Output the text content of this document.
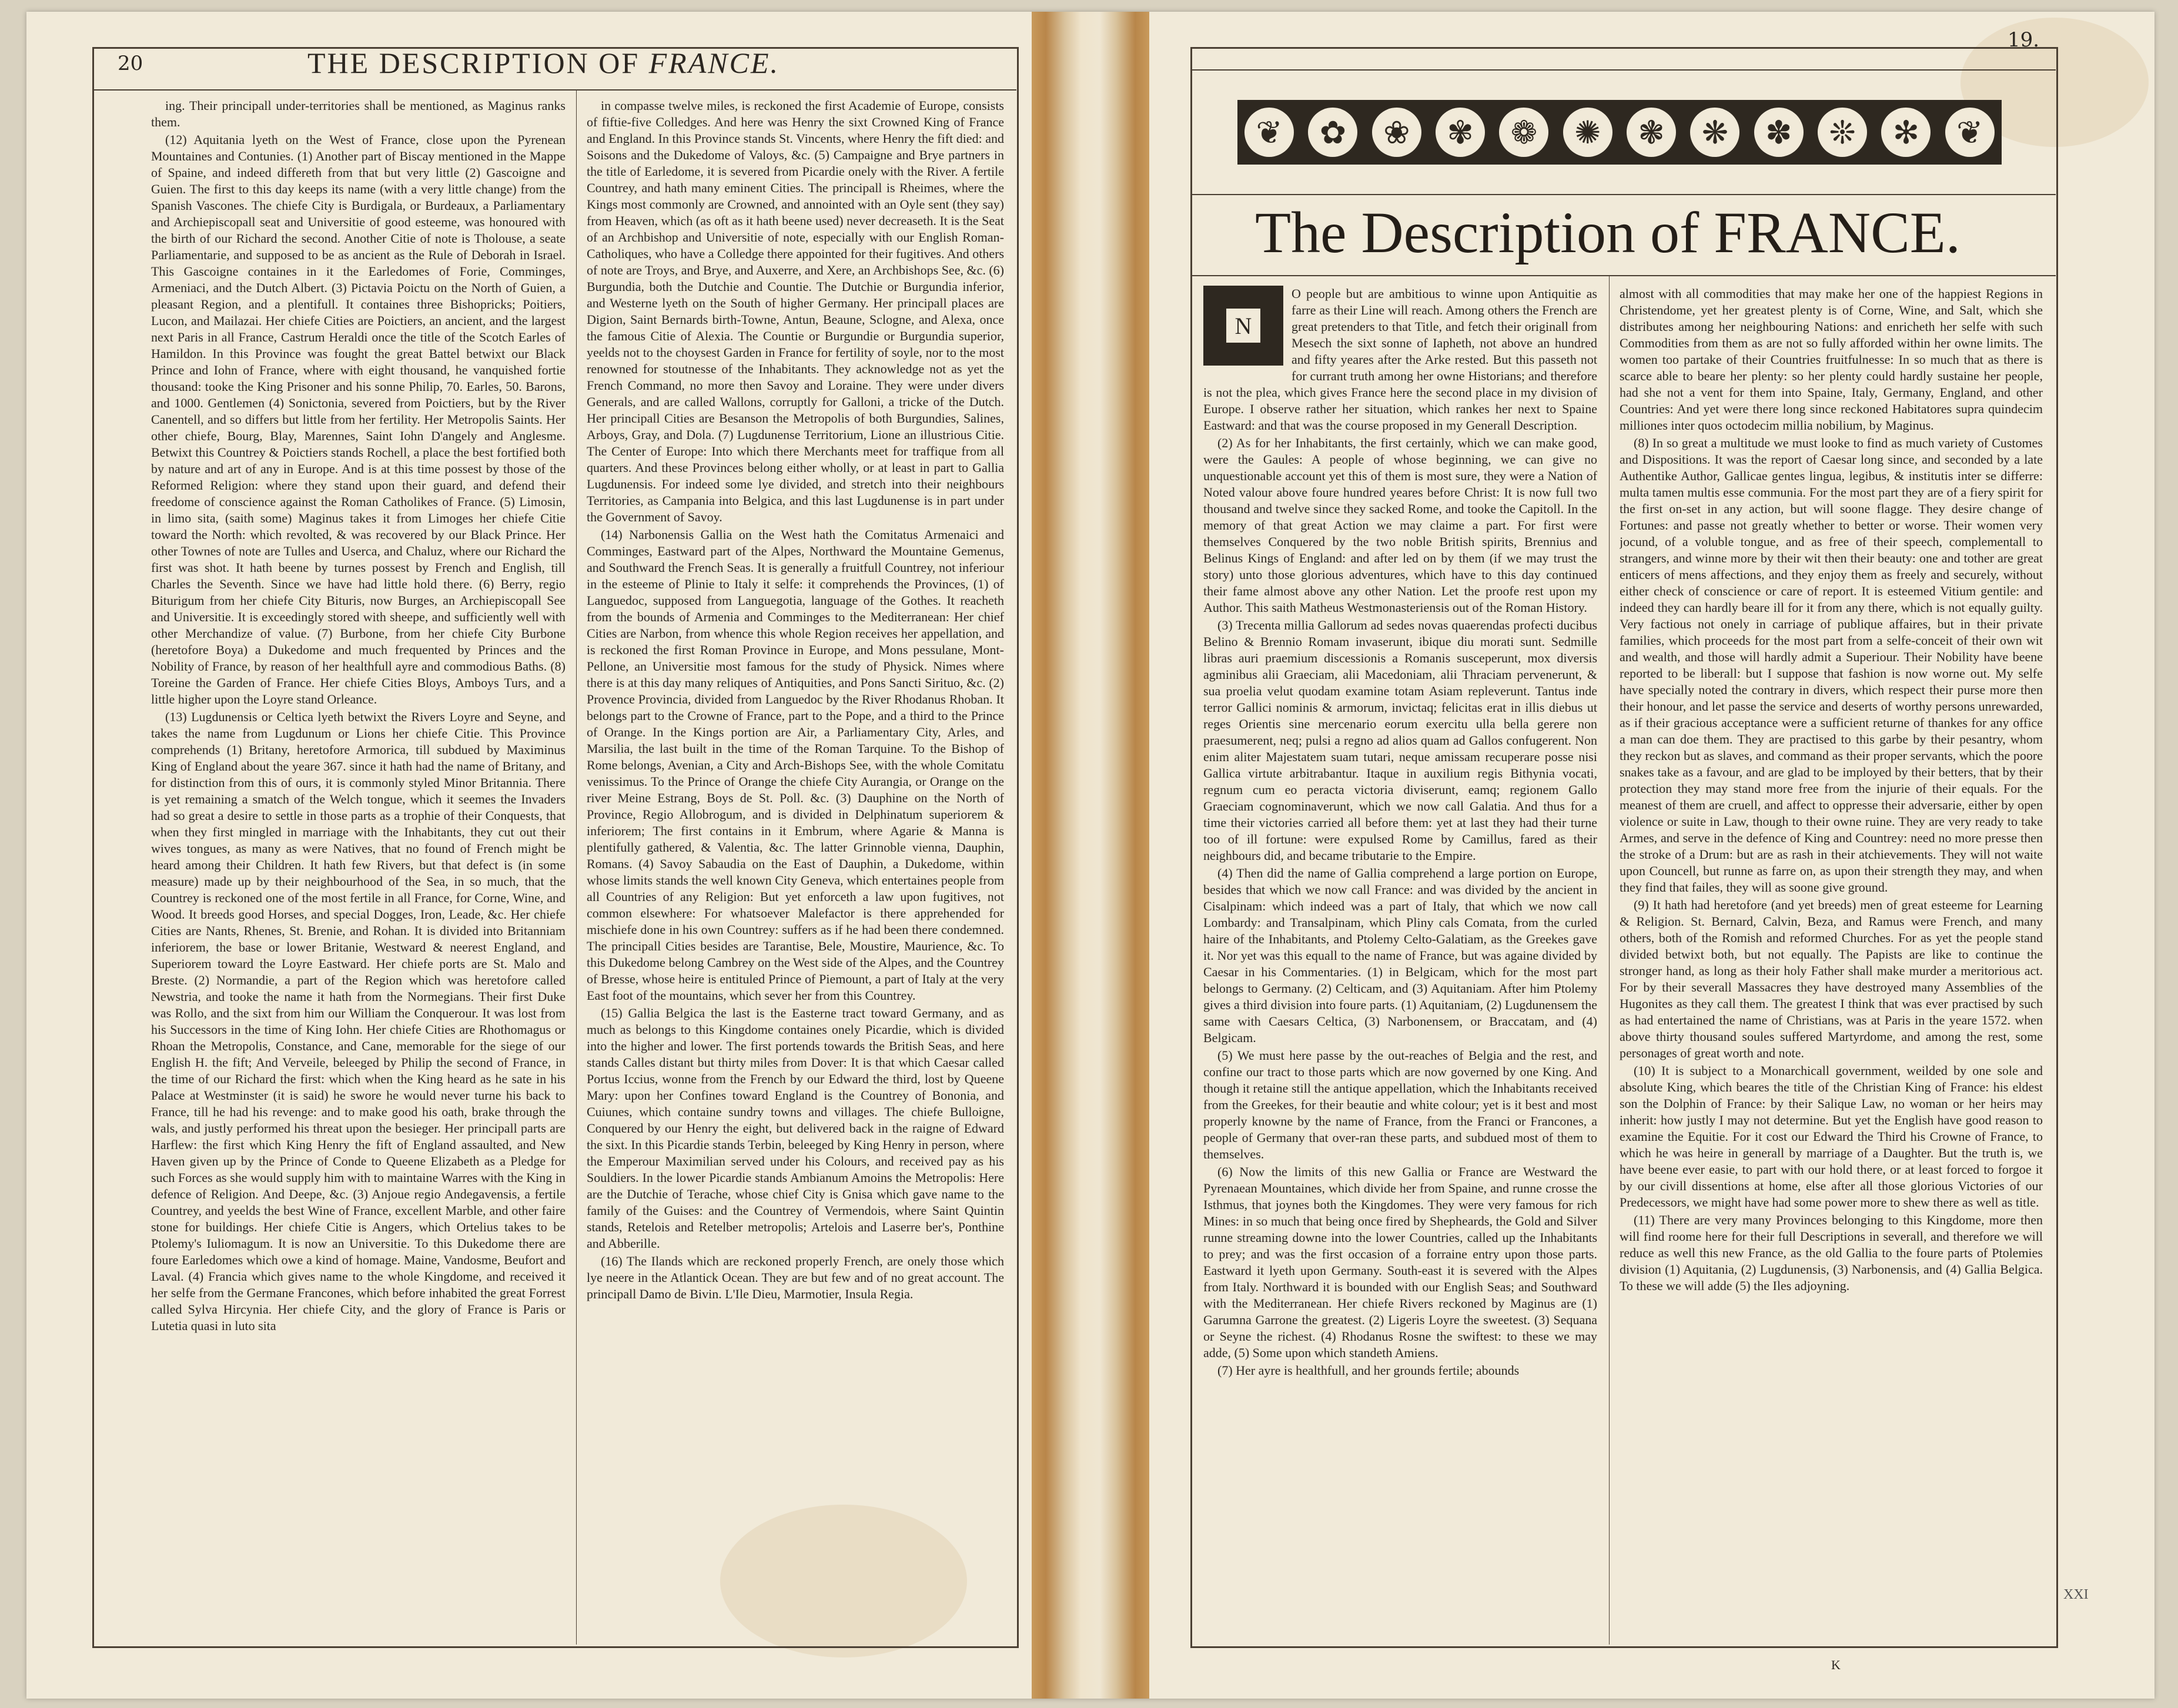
20	THE DESCRIPTION OF FRANCE.

ing. Their principall under-territories shall be mentioned, as Maginus ranks them.

(12) Aquitania lyeth on the West of France, close upon the Pyrenean Mountaines and Contunies. (1) Another part of Biscay mentioned in the Mappe of Spaine, and indeed differeth from that but very little (2) Gascoigne and Guien. The first to this day keeps its name (with a very little change) from the Spanish Vascones. The chiefe City is Burdigala, or Burdeaux, a Parliamentary and Archiepiscopall seat and Universitie of good esteeme, was honoured with the birth of our Richard the second. Another Citie of note is Tholouse, a seate Parliamentarie, and supposed to be as ancient as the Rule of Deborah in Israel. This Gascoigne containes in it the Earledomes of Forie, Comminges, Armeniaci, and the Dutch Albert. (3) Pictavia Poictu on the North of Guien, a pleasant Region, and a plentifull. It containes three Bishopricks; Poitiers, Lucon, and Mailazai. Her chiefe Cities are Poictiers, an ancient, and the largest next Paris in all France, Castrum Heraldi once the title of the Scotch Earles of Hamildon. In this Province was fought the great Battel betwixt our Black Prince and Iohn of France, where with eight thousand, he vanquished fortie thousand: tooke the King Prisoner and his sonne Philip, 70. Earles, 50. Barons, and 1000. Gentlemen (4) Sonictonia, severed from Poictiers, but by the River Canentell, and so differs but little from her fertility. Her Metropolis Saints. Her other chiefe, Bourg, Blay, Marennes, Saint Iohn D'angely and Anglesme. Betwixt this Countrey & Poictiers stands Rochell, a place the best fortified both by nature and art of any in Europe. And is at this time possest by those of the Reformed Religion: where they stand upon their guard, and defend their freedome of conscience against the Roman Catholikes of France. (5) Limosin, in limo sita, (saith some) Maginus takes it from Limoges her chiefe Citie toward the North: which revolted, & was recovered by our Black Prince. Her other Townes of note are Tulles and Userca, and Chaluz, where our Richard the first was shot. It hath beene by turnes possest by French and English, till Charles the Seventh. Since we have had little hold there. (6) Berry, regio Biturigum from her chiefe City Bituris, now Burges, an Archiepiscopall See and Universitie. It is exceedingly stored with sheepe, and sufficiently well with other Merchandize of value. (7) Burbone, from her chiefe City Burbone (heretofore Boya) a Dukedome and much frequented by Princes and the Nobility of France, by reason of her healthfull ayre and commodious Baths. (8) Toreine the Garden of France. Her chiefe Cities Bloys, Amboys Turs, and a little higher upon the Loyre stand Orleance.

(13) Lugdunensis or Celtica lyeth betwixt the Rivers Loyre and Seyne, and takes the name from Lugdunum or Lions her chiefe Citie. This Province comprehends (1) Britany, heretofore Armorica, till subdued by Maximinus King of England about the yeare 367. since it hath had the name of Britany, and for distinction from this of ours, it is commonly styled Minor Britannia. There is yet remaining a smatch of the Welch tongue, which it seemes the Invaders had so great a desire to settle in those parts as a trophie of their Conquests, that when they first mingled in marriage with the Inhabitants, they cut out their wives tongues, as many as were Natives, that no found of French might be heard among their Children. It hath few Rivers, but that defect is (in some measure) made up by their neighbourhood of the Sea, in so much, that the Countrey is reckoned one of the most fertile in all France, for Corne, Wine, and Wood. It breeds good Horses, and special Dogges, Iron, Leade, &c. Her chiefe Cities are Nants, Rhenes, St. Brenie, and Rohan. It is divided into Britanniam inferiorem, the base or lower Britanie, Westward & neerest England, and Superiorem toward the Loyre Eastward. Her chiefe ports are St. Malo and Breste. (2) Normandie, a part of the Region which was heretofore called Newstria, and tooke the name it hath from the Normegians. Their first Duke was Rollo, and the sixt from him our William the Conquerour. It was lost from his Successors in the time of King Iohn. Her chiefe Cities are Rhothomagus or Rhoan the Metropolis, Constance, and Cane, memorable for the siege of our English H. the fift; And Verveile, beleeged by Philip the second of France, in the time of our Richard the first: which when the King heard as he sate in his Palace at Westminster (it is said) he swore he would never turne his back to France, till he had his revenge: and to make good his oath, brake through the wals, and justly performed his threat upon the besieger. Her principall parts are Harflew: the first which King Henry the fift of England assaulted, and New Haven given up by the Prince of Conde to Queene Elizabeth as a Pledge for such Forces as she would supply him with to maintaine Warres with the King in defence of Religion. And Deepe, &c. (3) Anjoue regio Andegavensis, a fertile Countrey, and yeelds the best Wine of France, excellent Marble, and other faire stone for buildings. Her chiefe Citie is Angers, which Ortelius takes to be Ptolemy's Iuliomagum. It is now an Universitie. To this Dukedome there are foure Earledomes which owe a kind of homage. Maine, Vandosme, Beufort and Laval. (4) Francia which gives name to the whole Kingdome, and received it her selfe from the Germane Francones, which before inhabited the great Forrest called Sylva Hircynia. Her chiefe City, and the glory of France is Paris or Lutetia quasi in luto sita

in compasse twelve miles, is reckoned the first Academie of Europe, consists of fiftie-five Colledges. And here was Henry the sixt Crowned King of France and England. In this Province stands St. Vincents, where Henry the fift died: and Soisons and the Dukedome of Valoys, &c. (5) Campaigne and Brye partners in the title of Earledome, it is severed from Picardie onely with the River. A fertile Countrey, and hath many eminent Cities. The principall is Rheimes, where the Kings most commonly are Crowned, and annointed with an Oyle sent (they say) from Heaven, which (as oft as it hath beene used) never decreaseth. It is the Seat of an Archbishop and Universitie of note, especially with our English Roman-Catholiques, who have a Colledge there appointed for their fugitives. And others of note are Troys, and Brye, and Auxerre, and Xere, an Archbishops See, &c. (6) Burgundia, both the Dutchie and Countie. The Dutchie or Burgundia inferior, and Westerne lyeth on the South of higher Germany. Her principall places are Digion, Saint Bernards birth-Towne, Antun, Beaune, Sclogne, and Alexa, once the famous Citie of Alexia. The Countie or Burgundie or Burgundia superior, yeelds not to the choysest Garden in France for fertility of soyle, nor to the most renowned for stoutnesse of the Inhabitants. They acknowledge not as yet the French Command, no more then Savoy and Loraine. They were under divers Generals, and are called Wallons, corruptly for Galloni, a tricke of the Dutch. Her principall Cities are Besanson the Metropolis of both Burgundies, Salines, Arboys, Gray, and Dola. (7) Lugdunense Territorium, Lione an illustrious Citie. The Center of Europe: Into which there Merchants meet for traffique from all quarters. And these Provinces belong either wholly, or at least in part to Gallia Lugdunensis. For indeed some lye divided, and stretch into their neighbours Territories, as Campania into Belgica, and this last Lugdunense is in part under the Government of Savoy.

(14) Narbonensis Gallia on the West hath the Comitatus Armenaici and Comminges, Eastward part of the Alpes, Northward the Mountaine Gemenus, and Southward the French Seas. It is generally a fruitfull Countrey, not inferiour in the esteeme of Plinie to Italy it selfe: it comprehends the Provinces, (1) of Languedoc, supposed from Languegotia, language of the Gothes. It reacheth from the bounds of Armenia and Comminges to the Mediterranean: Her chief Cities are Narbon, from whence this whole Region receives her appellation, and is reckoned the first Roman Province in Europe, and Mons pessulane, Mont-Pellone, an Universitie most famous for the study of Physick. Nimes where there is at this day many reliques of Antiquities, and Pons Sancti Sirituo, &c. (2) Provence Provincia, divided from Languedoc by the River Rhodanus Rhoban. It belongs part to the Crowne of France, part to the Pope, and a third to the Prince of Orange. In the Kings portion are Air, a Parliamentary City, Arles, and Marsilia, the last built in the time of the Roman Tarquine. To the Bishop of Rome belongs, Avenian, a City and Arch-Bishops See, with the whole Comitatu venissimus. To the Prince of Orange the chiefe City Aurangia, or Orange on the river Meine Estrang, Boys de St. Poll. &c. (3) Dauphine on the North of Province, Regio Allobrogum, and is divided in Delphinatum superiorem & inferiorem; The first contains in it Embrum, where Agarie & Manna is plentifully gathered, & Valentia, &c. The latter Grinnoble vienna, Dauphin, Romans. (4) Savoy Sabaudia on the East of Dauphin, a Dukedome, within whose limits stands the well known City Geneva, which entertaines people from all Countries of any Religion: But yet enforceth a law upon fugitives, not common elsewhere: For whatsoever Malefactor is there apprehended for mischiefe done in his own Countrey: suffers as if he had been there condemned. The principall Cities besides are Tarantise, Bele, Moustire, Maurience, &c. To this Dukedome belong Cambrey on the West side of the Alpes, and the Countrey of Bresse, whose heire is entituled Prince of Piemount, a part of Italy at the very East foot of the mountains, which sever her from this Countrey.

(15) Gallia Belgica the last is the Easterne tract toward Germany, and as much as belongs to this Kingdome containes onely Picardie, which is divided into the higher and lower. The first portends towards the British Seas, and here stands Calles distant but thirty miles from Dover: It is that which Caesar called Portus Iccius, wonne from the French by our Edward the third, lost by Queene Mary: upon her Confines toward England is the Countrey of Bononia, and Cuiunes, which containe sundry towns and villages. The chiefe Bulloigne, Conquered by our Henry the eight, but delivered back in the raigne of Edward the sixt. In this Picardie stands Terbin, beleeged by King Henry in person, where the Emperour Maximilian served under his Colours, and received pay as his Souldiers. In the lower Picardie stands Ambianum Amoins the Metropolis: Here are the Dutchie of Terache, whose chief City is Gnisa which gave name to the family of the Guises: and the Countrey of Vermendois, where Saint Quintin stands, Retelois and Retelber metropolis; Artelois and Laserre ber's, Ponthine and Abberille.

(16) The Ilands which are reckoned properly French, are onely those which lye neere in the Atlantick Ocean. They are but few and of no great account. The principall Damo de Bivin. L'Ile Dieu, Marmotier, Insula Regia.

19.
❦	✿	❀	✾	❁	✺	❃	❋	✽	❊	✻	❦
The Description of FRANCE.
N

O people but are ambitious to winne upon Antiquitie as farre as their Line will reach. Among others the French are great pretenders to that Title, and fetch their originall from Mesech the sixt sonne of Iapheth, not above an hundred and fifty yeares after the Arke rested. But this passeth not for currant truth among her owne Historians; and therefore is not the plea, which gives France here the second place in my division of Europe. I observe rather her situation, which rankes her next to Spaine Eastward: and that was the course proposed in my Generall Description.

(2) As for her Inhabitants, the first certainly, which we can make good, were the Gaules: A people of whose beginning, we can give no unquestionable account yet this of them is most sure, they were a Nation of Noted valour above foure hundred yeares before Christ: It is now full two thousand and twelve since they sacked Rome, and tooke the Capitoll. In the memory of that great Action we may claime a part. For first were themselves Conquered by the two noble British spirits, Brennius and Belinus Kings of England: and after led on by them (if we may trust the story) unto those glorious adventures, which have to this day continued their fame almost above any other Nation. Let the proofe rest upon my Author. This saith Matheus Westmonasteriensis out of the Roman History.

(3) Trecenta millia Gallorum ad sedes novas quaerendas profecti ducibus Belino & Brennio Romam invaserunt, ibique diu morati sunt. Sedmille libras auri praemium discessionis a Romanis susceperunt, mox diversis agminibus alii Graeciam, alii Macedoniam, alii Thraciam pervenerunt, & sua proelia velut quodam examine totam Asiam repleverunt. Tantus inde terror Gallici nominis & armorum, invictaq; felicitas erat in illis diebus ut reges Orientis sine mercenario eorum exercitu ulla bella gerere non praesumerent, neq; pulsi a regno ad alios quam ad Gallos confugerent. Non enim aliter Majestatem suam tutari, neque amissam recuperare posse nisi Gallica virtute arbitrabantur. Itaque in auxilium regis Bithynia vocati, regnum cum eo peracta victoria diviserunt, eamq; regionem Gallo Graeciam cognominaverunt, which we now call Galatia. And thus for a time their victories carried all before them: yet at last they had their turne too of ill fortune: were expulsed Rome by Camillus, fared as their neighbours did, and became tributarie to the Empire.

(4) Then did the name of Gallia comprehend a large portion on Europe, besides that which we now call France: and was divided by the ancient in Cisalpinam: which indeed was a part of Italy, that which we now call Lombardy: and Transalpinam, which Pliny cals Comata, from the curled haire of the Inhabitants, and Ptolemy Celto-Galatiam, as the Greekes gave it. Nor yet was this equall to the name of France, but was againe divided by Caesar in his Commentaries. (1) in Belgicam, which for the most part belongs to Germany. (2) Celticam, and (3) Aquitaniam. After him Ptolemy gives a third division into foure parts. (1) Aquitaniam, (2) Lugdunensem the same with Caesars Celtica, (3) Narbonensem, or Braccatam, and (4) Belgicam.

(5) We must here passe by the out-reaches of Belgia and the rest, and confine our tract to those parts which are now governed by one King. And though it retaine still the antique appellation, which the Inhabitants received from the Greekes, for their beautie and white colour; yet is it best and most properly knowne by the name of France, from the Franci or Francones, a people of Germany that over-ran these parts, and subdued most of them to themselves.

(6) Now the limits of this new Gallia or France are Westward the Pyrenaean Mountaines, which divide her from Spaine, and runne crosse the Isthmus, that joynes both the Kingdomes. They were very famous for rich Mines: in so much that being once fired by Shepheards, the Gold and Silver runne streaming downe into the lower Countries, called up the Inhabitants to prey; and was the first occasion of a forraine entry upon those parts. Eastward it lyeth upon Germany. South-east it is severed with the Alpes from Italy. Northward it is bounded with our English Seas; and Southward with the Mediterranean. Her chiefe Rivers reckoned by Maginus are (1) Garumna Garrone the greatest. (2) Ligeris Loyre the sweetest. (3) Sequana or Seyne the richest. (4) Rhodanus Rosne the swiftest: to these we may adde, (5) Some upon which standeth Amiens.

(7) Her ayre is healthfull, and her grounds fertile; abounds

almost with all commodities that may make her one of the happiest Regions in Christendome, yet her greatest plenty is of Corne, Wine, and Salt, which she distributes among her neighbouring Nations: and enricheth her selfe with such Commodities from them as are not so fully afforded within her owne limits. The women too partake of their Countries fruitfulnesse: In so much that as there is scarce able to beare her plenty: so her plenty could hardly sustaine her people, had she not a vent for them into Spaine, Italy, Germany, England, and other Countries: And yet were there long since reckoned Habitatores supra quindecim milliones inter quos octodecim millia nobilium, by Maginus.

(8) In so great a multitude we must looke to find as much variety of Customes and Dispositions. It was the report of Caesar long since, and seconded by a late Authentike Author, Gallicae gentes lingua, legibus, & institutis inter se differre: multa tamen multis esse communia. For the most part they are of a fiery spirit for the first on-set in any action, but will soone flagge. They desire change of Fortunes: and passe not greatly whether to better or worse. Their women very jocund, of a voluble tongue, and as free of their speech, complementall to strangers, and winne more by their wit then their beauty: one and tother are great enticers of mens affections, and they enjoy them as freely and securely, without either check of conscience or care of report. It is esteemed Vitium gentile: and indeed they can hardly beare ill for it from any there, which is not equally guilty. Very factious not onely in carriage of publique affaires, but in their private families, which proceeds for the most part from a selfe-conceit of their own wit and wealth, and those will hardly admit a Superiour. Their Nobility have beene reported to be liberall: but I suppose that fashion is now worne out. My selfe have specially noted the contrary in divers, which respect their purse more then their honour, and let passe the service and deserts of worthy persons unrewarded, as if their gracious acceptance were a sufficient returne of thankes for any office a man can doe them. They are practised to this garbe by their pesantry, whom they reckon but as slaves, and command as their proper servants, which the poore snakes take as a favour, and are glad to be imployed by their betters, that by their protection they may stand more free from the injurie of their equals. For the meanest of them are cruell, and affect to oppresse their adversarie, either by open violence or suite in Law, though to their owne ruine. They are very ready to take Armes, and serve in the defence of King and Countrey: need no more presse then the stroke of a Drum: but are as rash in their atchievements. They will not waite upon Councell, but runne as farre on, as upon their strength they may, and when they find that failes, they will as soone give ground.

(9) It hath had heretofore (and yet breeds) men of great esteeme for Learning & Religion. St. Bernard, Calvin, Beza, and Ramus were French, and many others, both of the Romish and reformed Churches. For as yet the people stand divided betwixt both, but not equally. The Papists are like to continue the stronger hand, as long as their holy Father shall make murder a meritorious act. For by their severall Massacres they have destroyed many Assemblies of the Hugonites as they call them. The greatest I think that was ever practised by such as had entertained the name of Christians, was at Paris in the yeare 1572. when above thirty thousand soules suffered Martyrdome, and among the rest, some personages of great worth and note.

(10) It is subject to a Monarchicall government, weilded by one sole and absolute King, which beares the title of the Christian King of France: his eldest son the Dolphin of France: by their Salique Law, no woman or her heirs may inherit: how justly I may not determine. But yet the English have good reason to examine the Equitie. For it cost our Edward the Third his Crowne of France, to which he was heire in generall by marriage of a Daughter. But the truth is, we have beene ever easie, to part with our hold there, or at least forced to forgoe it by our civill dissentions at home, else after all those glorious Victories of our Predecessors, we might have had some power more to shew there as well as title.

(11) There are very many Provinces belonging to this Kingdome, more then will find roome here for their full Descriptions in severall, and therefore we will reduce as well this new France, as the old Gallia to the foure parts of Ptolemies division (1) Aquitania, (2) Lugdunensis, (3) Narbonensis, and (4) Gallia Belgica. To these we will adde (5) the Iles adjoyning.

K
XXI
